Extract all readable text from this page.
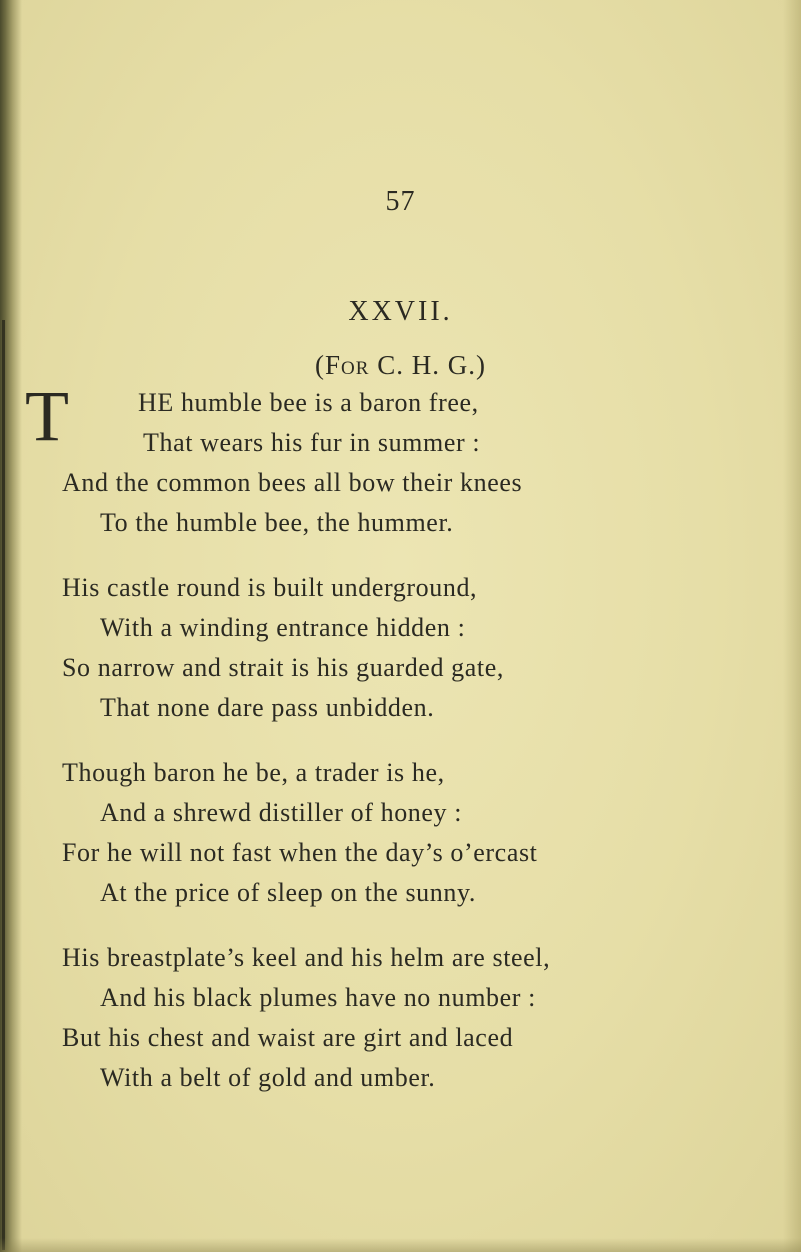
57
XXVII.
(For C. H. G.)
T	HE humble bee is a baron free,
That wears his fur in summer :
And the common bees all bow their knees
To the humble bee, the hummer.
His castle round is built underground,
With a winding entrance hidden :
So narrow and strait is his guarded gate,
That none dare pass unbidden.
Though baron he be, a trader is he,
And a shrewd distiller of honey :
For he will not fast when the day’s o’ercast
At the price of sleep on the sunny.
His breastplate’s keel and his helm are steel,
And his black plumes have no number :
But his chest and waist are girt and laced
With a belt of gold and umber.
